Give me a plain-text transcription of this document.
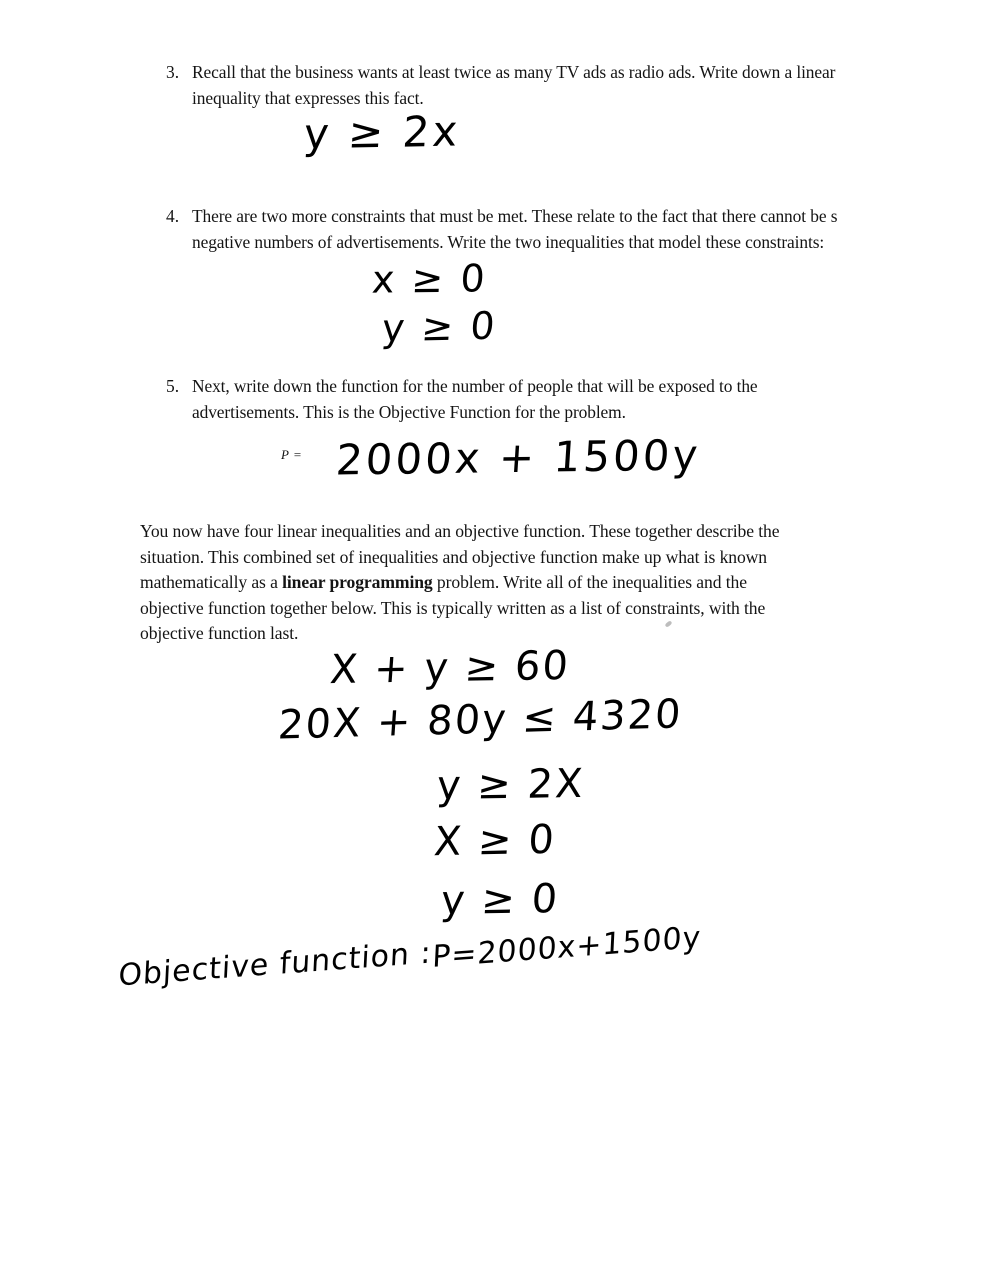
3. Recall that the business wants at least twice as many TV ads as radio ads. Write down a linear inequality that expresses this fact.
y ≥ 2x
4. There are two more constraints that must be met. These relate to the fact that there cannot be s negative numbers of advertisements. Write the two inequalities that model these constraints:
x ≥ 0
y ≥ 0
5. Next, write down the function for the number of people that will be exposed to the advertisements. This is the Objective Function for the problem.
P = 2000x + 1500y
You now have four linear inequalities and an objective function. These together describe the situation. This combined set of inequalities and objective function make up what is known mathematically as a linear programming problem. Write all of the inequalities and the objective function together below. This is typically written as a list of constraints, with the objective function last.
X + y ≥ 60
20X + 80y ≤ 4320
y ≥ 2X
X ≥ 0
y ≥ 0
Objective function : P=2000x+1500y
